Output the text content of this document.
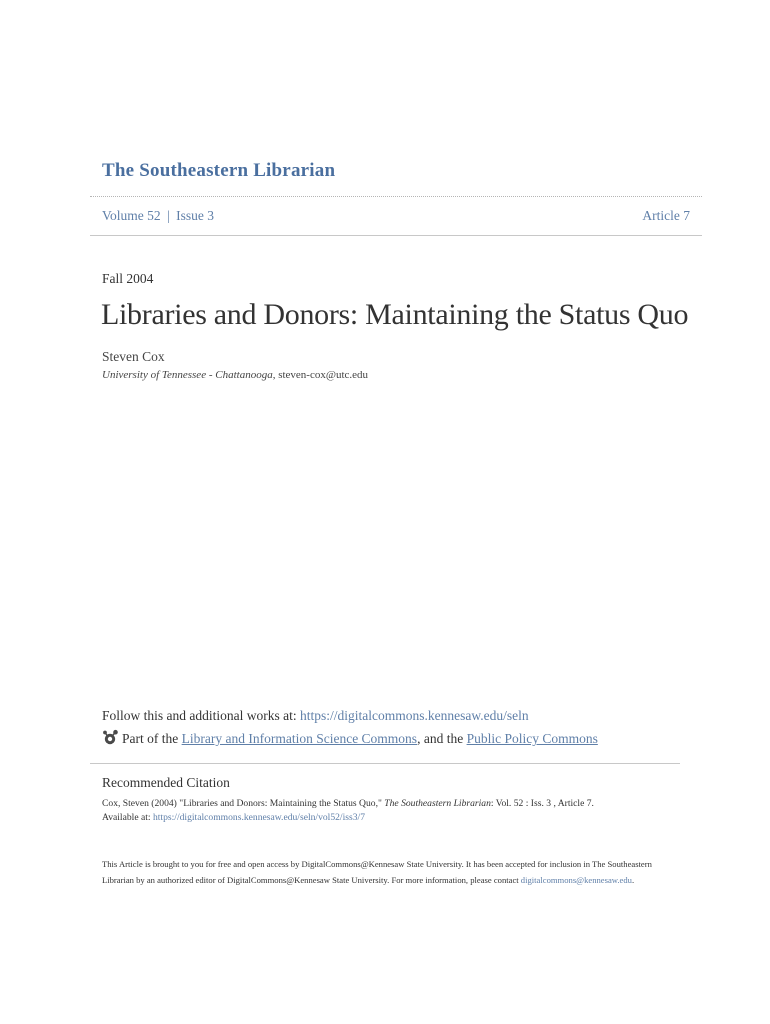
The Southeastern Librarian
Volume 52 | Issue 3	Article 7
Fall 2004
Libraries and Donors: Maintaining the Status Quo
Steven Cox
University of Tennessee - Chattanooga, steven-cox@utc.edu
Follow this and additional works at: https://digitalcommons.kennesaw.edu/seln
Part of the
Library and Information Science Commons , and the
Public Policy Commons
Recommended Citation
Cox, Steven (2004) "Libraries and Donors: Maintaining the Status Quo," The Southeastern Librarian: Vol. 52 : Iss. 3 , Article 7.
Available at: https://digitalcommons.kennesaw.edu/seln/vol52/iss3/7
This Article is brought to you for free and open access by DigitalCommons@Kennesaw State University. It has been accepted for inclusion in The Southeastern Librarian by an authorized editor of DigitalCommons@Kennesaw State University. For more information, please contact digitalcommons@kennesaw.edu.
